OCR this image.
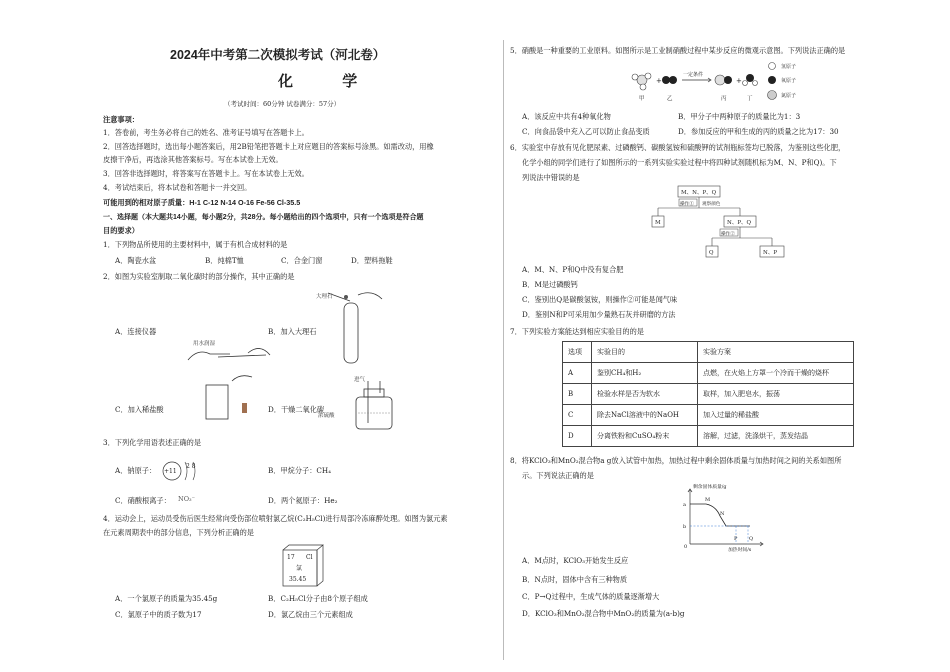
2024年中考第二次模拟考试（河北卷）
化 学
（考试时间：60分钟 试卷满分：57分）
注意事项：
1．答卷前，考生务必将自己的姓名、准考证号填写在答题卡上。
2．回答选择题时，选出每小题答案后，用2B铅笔把答题卡上对应题目的答案标号涂黑。如需改动，用橡
皮擦干净后，再选涂其他答案标号。写在本试卷上无效。
3．回答非选择题时，将答案写在答题卡上。写在本试卷上无效。
4．考试结束后，将本试卷和答题卡一并交回。
可能用到的相对原子质量：H-1 C-12 N-14 O-16 Fe-56 Cl-35.5
一、选择题（本大题共14小题，每小题2分，共28分。每小题给出的四个选项中，只有一个选项是符合题
目的要求）
1．下列物品所使用的主要材料中，属于有机合成材料的是
A．陶瓷水盆	B．纯棉T恤	C．合金门窗	D．塑料拖鞋
2．如图为实验室制取二氧化碳时的部分操作，其中正确的是
大理石
用水润湿
进气
浓硫酸
A．连接仪器	B．加入大理石
C．加入稀盐酸	D．干燥二氧化碳
3．下列化学用语表述正确的是
A．钠原子： +11
2 8	B．甲烷分子：CH₄
C．硝酸根离子： NO₃⁻	D．两个氦原子：He₂
4．运动会上，运动员受伤后医生经常向受伤部位喷射氯乙烷(C₂H₅Cl)进行局部冷冻麻醉处理。如图为氯元素
在元素周期表中的部分信息，下列分析正确的是
17 Cl
氯
35.45
A．一个氯原子的质量为35.45g	B．C₂H₅Cl分子由8个原子组成
C．氯原子中的质子数为17	D．氯乙烷由三个元素组成
5．硝酸是一种重要的工业原料。如图所示是工业制硝酸过程中某步反应的微观示意图。下列说法正确的是
+
一定条件
+
甲	乙	丙	丁
氢原子
氧原子
氮原子
A．该反应中共有4种氧化物	B．甲分子中两种原子的质量比为1：3
C．向食品袋中充入乙可以防止食品变质	D．参加反应的甲和生成的丙的质量之比为17：30
6．实验室中存放有见化肥尿素、过磷酸钙、碳酸氢铵和硫酸钾的试剂瓶标签均已脱落，为鉴别这些化肥，
化学小组的同学们进行了如图所示的一系列实验实验过程中将四种试剂随机标为M、N、P和Q)。下
列说法中错误的是
M、N、P、Q
操作① 观察颜色
M	N、P、Q
操作②
Q	N、P
A．M、N、P和Q中没有复合肥
B．M是过磷酸钙
C．鉴别出Q是碳酸氢铵，则操作②可能是闻气味
D．鉴别N和P可采用加少量熟石灰并研磨的方法
7．下列实验方案能达到相应实验目的的是
选项	实验目的	实验方案
A	鉴别CH₄和H₂	点燃，在火焰上方罩一个冷而干燥的烧杯
B	检验水样是否为软水	取样，加入肥皂水，振荡
C	除去NaCl溶液中的NaOH	加入过量的稀盐酸
D	分离铁粉和CuSO₄粉末	溶解，过滤，洗涤烘干，蒸发结晶
8．将KClO₃和MnO₂混合物a g放入试管中加热，加热过程中剩余固体质量与加热时间之间的关系如图所
示。下列说法正确的是
剩余固体质量/g
加热时间/s
a
b
0
M
N
P Q
A．M点时，KClO₃开始发生反应
B．N点时，固体中含有三种物质
C．P→Q过程中，生成气体的质量逐渐增大
D．KClO₃和MnO₂混合物中MnO₂的质量为(a-b)g
